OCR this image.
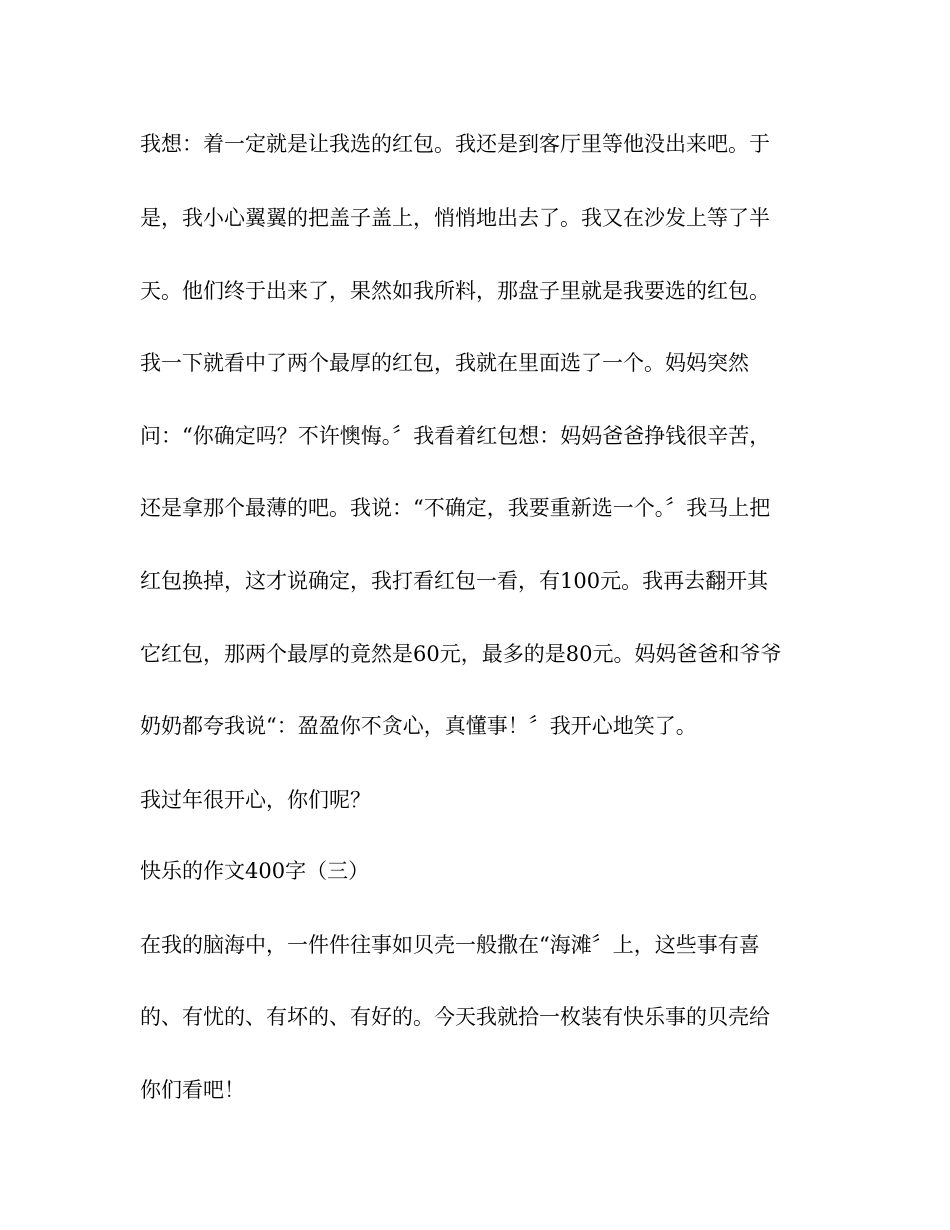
我想：着一定就是让我选的红包。我还是到客厅里等他没出来吧。于
是，我小心翼翼的把盖子盖上，悄悄地出去了。我又在沙发上等了半
天。他们终于出来了，果然如我所料，那盘子里就是我要选的红包。
我一下就看中了两个最厚的红包，我就在里面选了一个。妈妈突然
问：“你确定吗？不许懊悔。〞我看着红包想：妈妈爸爸挣钱很辛苦，
还是拿那个最薄的吧。我说：“不确定，我要重新选一个。〞我马上把
红包换掉，这才说确定，我打看红包一看，有100元。我再去翻开其
它红包，那两个最厚的竟然是60元，最多的是80元。妈妈爸爸和爷爷
奶奶都夸我说“：盈盈你不贪心，真懂事！〞我开心地笑了。
我过年很开心，你们呢？
快乐的作文400字（三）
在我的脑海中，一件件往事如贝壳一般撒在“海滩〞上，这些事有喜
的、有忧的、有坏的、有好的。今天我就拾一枚装有快乐事的贝壳给
你们看吧！
